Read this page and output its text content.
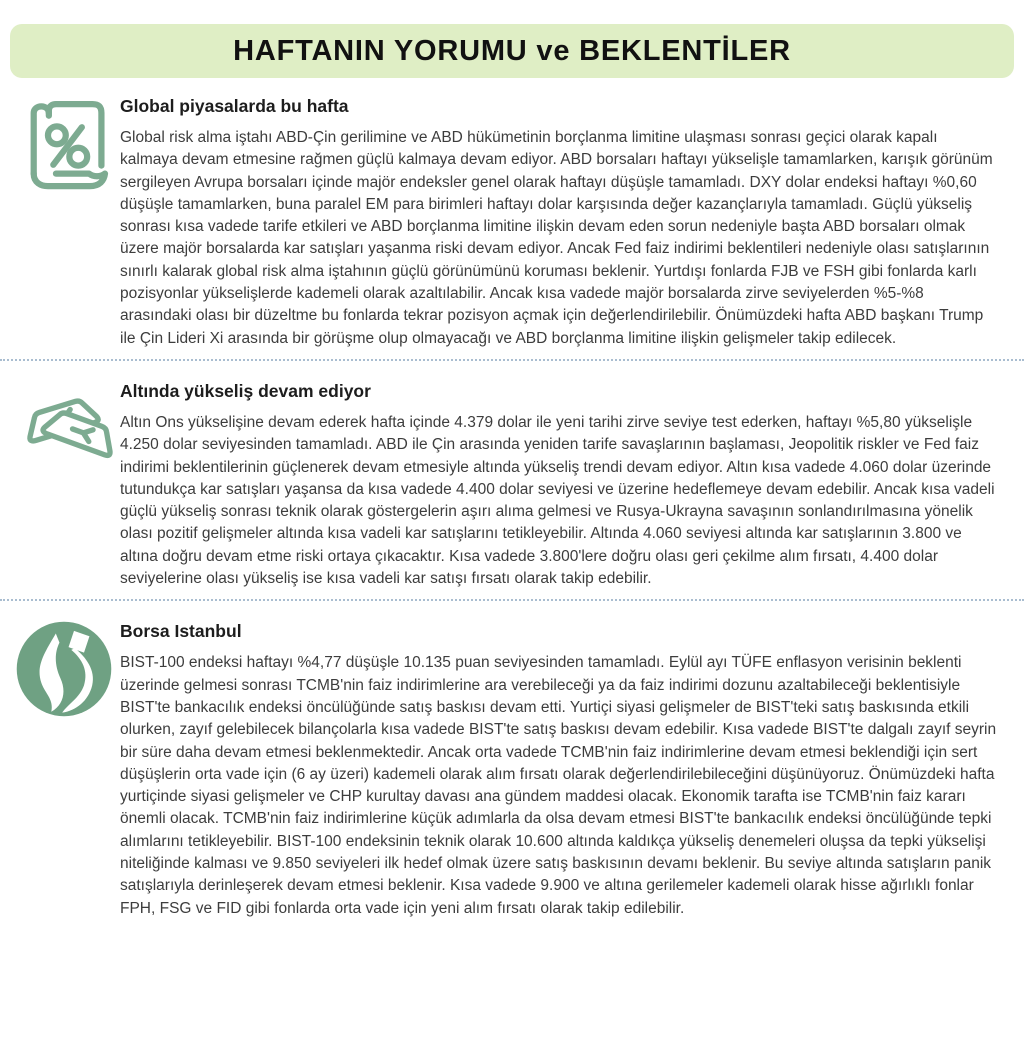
HAFTANIN YORUMU ve BEKLENTİLER
Global piyasalarda bu hafta

Global risk alma iştahı ABD-Çin gerilimine ve ABD hükümetinin borçlanma limitine ulaşması sonrası geçici olarak kapalı kalmaya devam etmesine rağmen güçlü kalmaya devam ediyor. ABD borsaları haftayı yükselişle tamamlarken, karışık görünüm sergileyen Avrupa borsaları içinde majör endeksler genel olarak haftayı düşüşle tamamladı. DXY dolar endeksi haftayı %0,60 düşüşle tamamlarken, buna paralel EM para birimleri haftayı dolar karşısında değer kazançlarıyla tamamladı. Güçlü yükseliş sonrası kısa vadede tarife etkileri ve ABD borçlanma limitine ilişkin devam eden sorun nedeniyle başta ABD borsaları olmak üzere majör borsalarda kar satışları yaşanma riski devam ediyor. Ancak Fed faiz indirimi beklentileri nedeniyle olası satışlarının sınırlı kalarak global risk alma iştahının güçlü görünümünü koruması beklenir. Yurtdışı fonlarda FJB ve FSH gibi fonlarda karlı pozisyonlar yükselişlerde kademeli olarak azaltılabilir. Ancak kısa vadede majör borsalarda zirve seviyelerden %5-%8 arasındaki olası bir düzeltme bu fonlarda tekrar pozisyon açmak için değerlendirilebilir. Önümüzdeki hafta ABD başkanı Trump ile Çin Lideri Xi arasında bir görüşme olup olmayacağı ve ABD borçlanma limitine ilişkin gelişmeler takip edilecek.

Altında yükseliş devam ediyor

Altın Ons yükselişine devam ederek hafta içinde 4.379 dolar ile yeni tarihi zirve seviye test ederken, haftayı %5,80 yükselişle 4.250 dolar seviyesinden tamamladı. ABD ile Çin arasında yeniden tarife savaşlarının başlaması, Jeopolitik riskler ve Fed faiz indirimi beklentilerinin güçlenerek devam etmesiyle altında yükseliş trendi devam ediyor. Altın kısa vadede 4.060 dolar üzerinde tutundukça kar satışları yaşansa da kısa vadede 4.400 dolar seviyesi ve üzerine hedeflemeye devam edebilir. Ancak kısa vadeli güçlü yükseliş sonrası teknik olarak göstergelerin aşırı alıma gelmesi ve Rusya-Ukrayna savaşının sonlandırılmasına yönelik olası pozitif gelişmeler altında kısa vadeli kar satışlarını tetikleyebilir. Altında 4.060 seviyesi altında kar satışlarının 3.800 ve altına doğru devam etme riski ortaya çıkacaktır. Kısa vadede 3.800'lere doğru olası geri çekilme alım fırsatı, 4.400 dolar seviyelerine olası yükseliş ise kısa vadeli kar satışı fırsatı olarak takip edebilir.

Borsa Istanbul

BIST-100 endeksi haftayı %4,77 düşüşle 10.135 puan seviyesinden tamamladı. Eylül ayı TÜFE enflasyon verisinin beklenti üzerinde gelmesi sonrası TCMB'nin faiz indirimlerine ara verebileceği ya da faiz indirimi dozunu azaltabileceği beklentisiyle BIST'te bankacılık endeksi öncülüğünde satış baskısı devam etti. Yurtiçi siyasi gelişmeler de BIST'teki satış baskısında etkili olurken, zayıf gelebilecek bilançolarla kısa vadede BIST'te satış baskısı devam edebilir. Kısa vadede BIST'te dalgalı zayıf seyrin bir süre daha devam etmesi beklenmektedir. Ancak orta vadede TCMB'nin faiz indirimlerine devam etmesi beklendiği için sert düşüşlerin orta vade için (6 ay üzeri) kademeli olarak alım fırsatı olarak değerlendirilebileceğini düşünüyoruz. Önümüzdeki hafta yurtiçinde siyasi gelişmeler ve CHP kurultay davası ana gündem maddesi olacak. Ekonomik tarafta ise TCMB'nin faiz kararı önemli olacak. TCMB'nin faiz indirimlerine küçük adımlarla da olsa devam etmesi BIST'te bankacılık endeksi öncülüğünde tepki alımlarını tetikleyebilir. BIST-100 endeksinin teknik olarak 10.600 altında kaldıkça yükseliş denemeleri oluşsa da tepki yükselişi niteliğinde kalması ve 9.850 seviyeleri ilk hedef olmak üzere satış baskısının devamı beklenir. Bu seviye altında satışların panik satışlarıyla derinleşerek devam etmesi beklenir. Kısa vadede 9.900 ve altına gerilemeler kademeli olarak hisse ağırlıklı fonlar FPH, FSG ve FID gibi fonlarda orta vade için yeni alım fırsatı olarak takip edilebilir.
